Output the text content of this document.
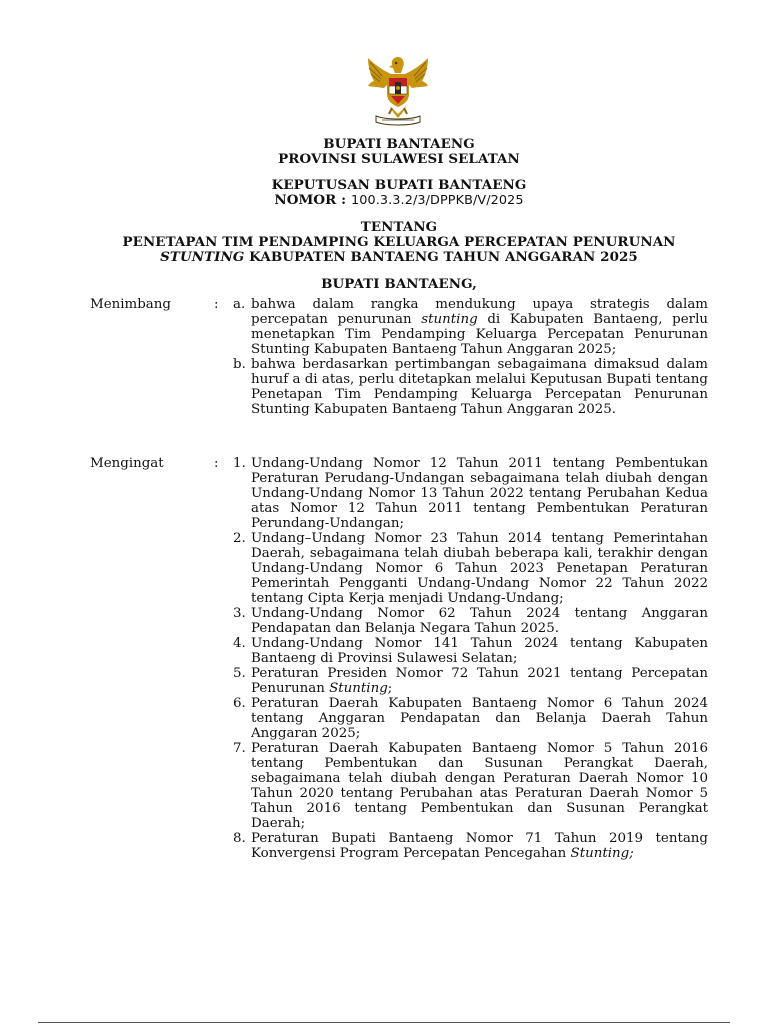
BUPATI BANTAENG
PROVINSI SULAWESI SELATAN
KEPUTUSAN BUPATI BANTAENG
NOMOR : 100.3.3.2/3/DPPKB/V/2025
TENTANG
PENETAPAN TIM PENDAMPING KELUARGA PERCEPATAN PENURUNAN
STUNTING KABUPATEN BANTAENG TAHUN ANGGARAN 2025
BUPATI BANTAENG,
Menimbang	: a. bahwa dalam rangka mendukung upaya strategis dalam percepatan penurunan stunting di Kabupaten Bantaeng, perlu menetapkan Tim Pendamping Keluarga Percepatan Penurunan Stunting Kabupaten Bantaeng Tahun Anggaran 2025;
b. bahwa berdasarkan pertimbangan sebagaimana dimaksud dalam huruf a di atas, perlu ditetapkan melalui Keputusan Bupati tentang Penetapan Tim Pendamping Keluarga Percepatan Penurunan Stunting Kabupaten Bantaeng Tahun Anggaran 2025.
Mengingat	: 1. Undang-Undang Nomor 12 Tahun 2011 tentang Pembentukan Peraturan Perudang-Undangan sebagaimana telah diubah dengan Undang-Undang Nomor 13 Tahun 2022 tentang Perubahan Kedua atas Nomor 12 Tahun 2011 tentang Pembentukan Peraturan Perundang-Undangan;
2. Undang–Undang Nomor 23 Tahun 2014 tentang Pemerintahan Daerah, sebagaimana telah diubah beberapa kali, terakhir dengan Undang-Undang Nomor 6 Tahun 2023 Penetapan Peraturan Pemerintah Pengganti Undang-Undang Nomor 22 Tahun 2022 tentang Cipta Kerja menjadi Undang-Undang;
3. Undang-Undang Nomor 62 Tahun 2024 tentang Anggaran Pendapatan dan Belanja Negara Tahun 2025.
4. Undang-Undang Nomor 141 Tahun 2024 tentang Kabupaten Bantaeng di Provinsi Sulawesi Selatan;
5. Peraturan Presiden Nomor 72 Tahun 2021 tentang Percepatan Penurunan Stunting;
6. Peraturan Daerah Kabupaten Bantaeng Nomor 6 Tahun 2024 tentang Anggaran Pendapatan dan Belanja Daerah Tahun Anggaran 2025;
7. Peraturan Daerah Kabupaten Bantaeng Nomor 5 Tahun 2016 tentang Pembentukan dan Susunan Perangkat Daerah, sebagaimana telah diubah dengan Peraturan Daerah Nomor 10 Tahun 2020 tentang Perubahan atas Peraturan Daerah Nomor 5 Tahun 2016 tentang Pembentukan dan Susunan Perangkat Daerah;
8. Peraturan Bupati Bantaeng Nomor 71 Tahun 2019 tentang Konvergensi Program Percepatan Pencegahan Stunting;
